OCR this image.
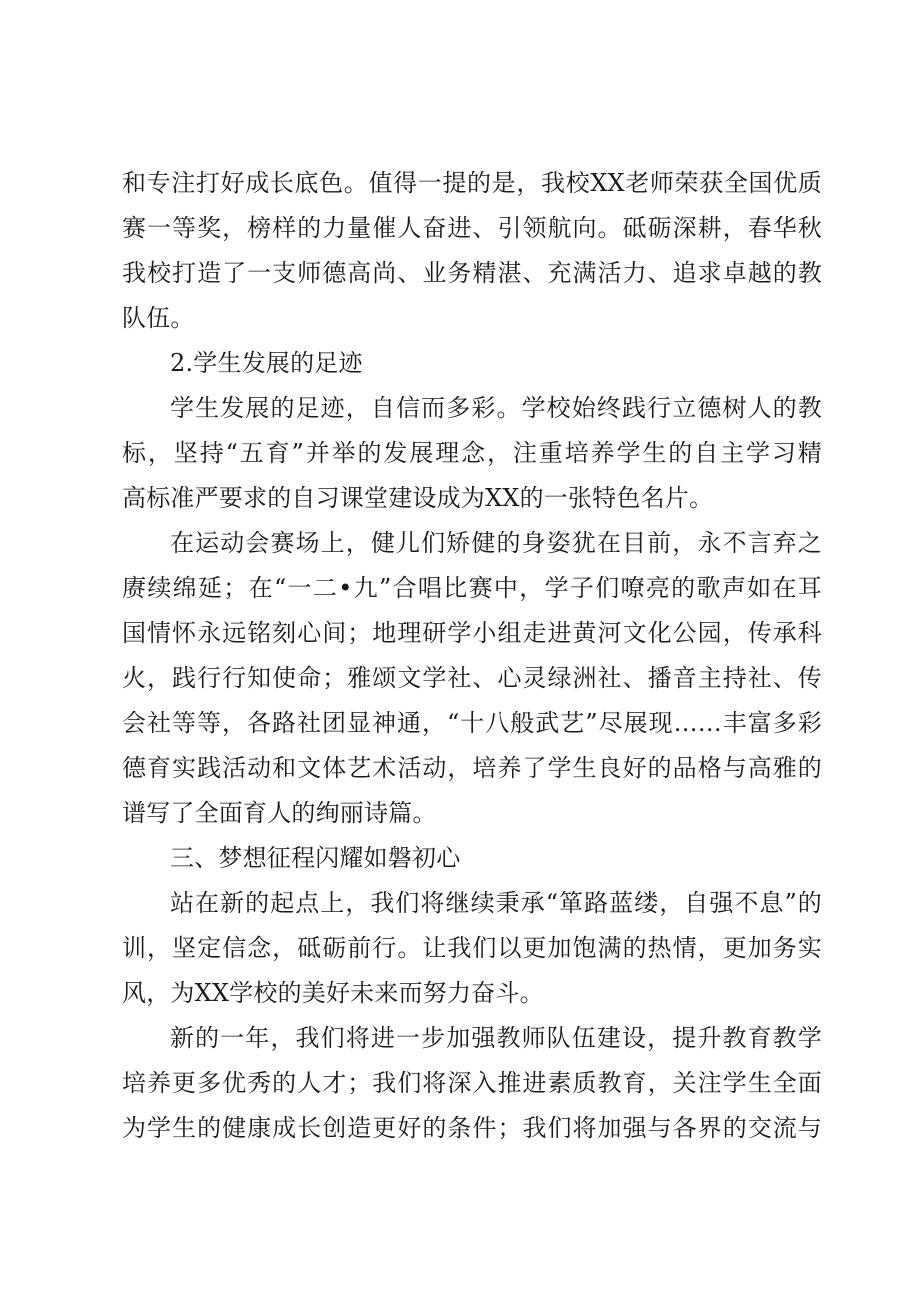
和专注打好成长底色。值得一提的是，我校XX老师荣获全国优质
赛一等奖，榜样的力量催人奋进、引领航向。砥砺深耕，春华秋
我校打造了一支师德高尚、业务精湛、充满活力、追求卓越的教
队伍。
2.学生发展的足迹
学生发展的足迹，自信而多彩。学校始终践行立德树人的教
标，坚持“五育”并举的发展理念，注重培养学生的自主学习精
高标准严要求的自习课堂建设成为XX的一张特色名片。
在运动会赛场上，健儿们矫健的身姿犹在目前，永不言弃之
赓续绵延；在“一二•九”合唱比赛中，学子们嘹亮的歌声如在耳
国情怀永远铭刻心间；地理研学小组走进黄河文化公园，传承科
火，践行行知使命；雅颂文学社、心灵绿洲社、播音主持社、传
会社等等，各路社团显神通，“十八般武艺”尽展现……丰富多彩
德育实践活动和文体艺术活动，培养了学生良好的品格与高雅的
谱写了全面育人的绚丽诗篇。
三、梦想征程闪耀如磐初心
站在新的起点上，我们将继续秉承“箪路蓝缕，自强不息”的
训，坚定信念，砥砺前行。让我们以更加饱满的热情，更加务实
风，为XX学校的美好未来而努力奋斗。
新的一年，我们将进一步加强教师队伍建设，提升教育教学
培养更多优秀的人才；我们将深入推进素质教育，关注学生全面
为学生的健康成长创造更好的条件；我们将加强与各界的交流与
